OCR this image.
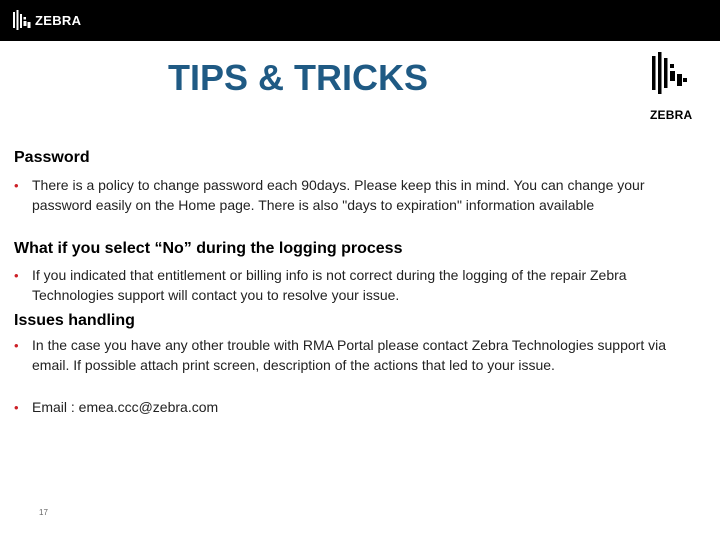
ZEBRA
TIPS & TRICKS
ZEBRA
Password
• There is a policy to change password each 90days. Please keep this in mind. You can change your password easily on the Home page. There is also "days to expiration" information available
What if you select “No” during the logging process
• If you indicated that entitlement or billing info is not correct during the logging of the repair Zebra Technologies support will contact you to resolve your issue.
Issues handling
• In the case you have any other trouble with RMA Portal please contact Zebra Technologies support via email. If possible attach print screen, description of the actions that led to your issue.
• Email : emea.ccc@zebra.com
17
